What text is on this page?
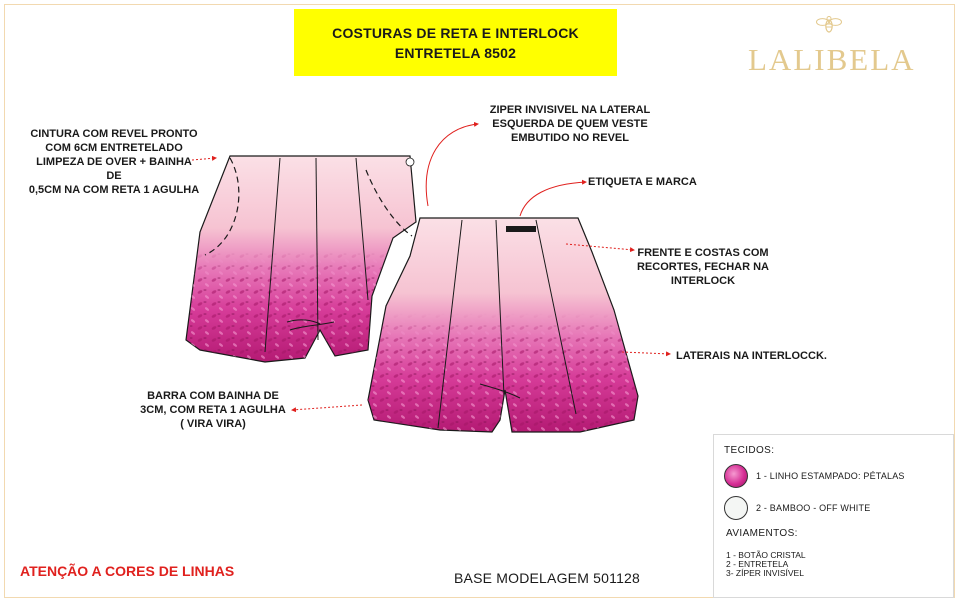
COSTURAS DE RETA E INTERLOCK
ENTRETELA 8502	LALIBELA
CINTURA COM REVEL PRONTO
COM 6CM ENTRETELADO
LIMPEZA DE OVER + BAINHA DE
0,5CM NA COM RETA 1 AGULHA
ZIPER INVISIVEL NA LATERAL
ESQUERDA DE QUEM VESTE
EMBUTIDO NO REVEL
ETIQUETA E MARCA
FRENTE E COSTAS COM
RECORTES, FECHAR NA
INTERLOCK
LATERAIS NA INTERLOCCK.
BARRA COM BAINHA DE
3CM, COM RETA 1 AGULHA
( VIRA VIRA)
ATENÇÃO A CORES DE LINHAS	BASE MODELAGEM 501128
TECIDOS:
1 - LINHO ESTAMPADO: PÉTALAS
2 - BAMBOO - OFF WHITE
AVIAMENTOS:
1 - BOTÃO CRISTAL
2 - ENTRETELA
3- ZÍPER INVISÍVEL
